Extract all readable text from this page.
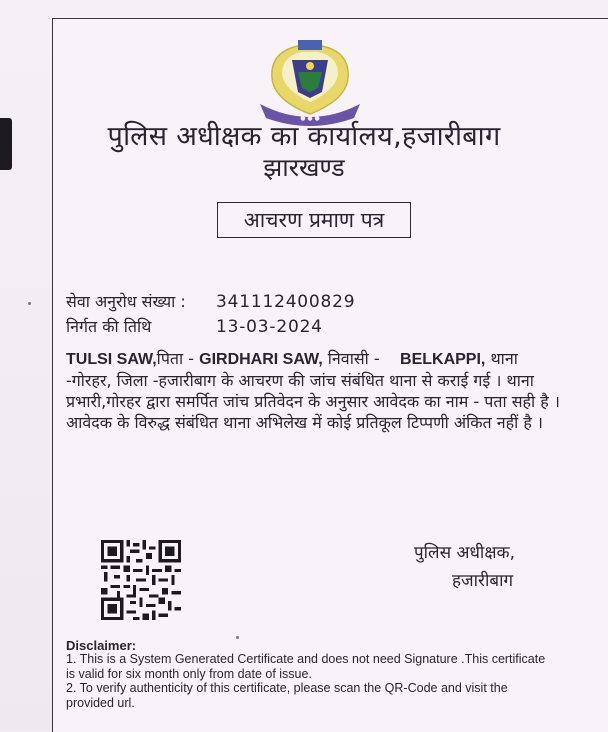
● ● ●
पुलिस अधीक्षक का कार्यालय,हजारीबाग
झारखण्ड
आचरण प्रमाण पत्र
सेवा अनुरोध संख्या : 341112400829
निर्गत की तिथि	13-03-2024
TULSI SAW,पिता - GIRDHARI SAW, निवासी - BELKAPPI, थाना -गोरहर, जिला -हजारीबाग के आचरण की जांच संबंधित थाना से कराई गई । थाना प्रभारी,गोरहर द्वारा समर्पित जांच प्रतिवेदन के अनुसार आवेदक का नाम - पता सही है । आवेदक के विरुद्ध संबंधित थाना अभिलेख में कोई प्रतिकूल टिप्पणी अंकित नहीं है ।
पुलिस अधीक्षक,
हजारीबाग
Disclaimer:

1. This is a System Generated Certificate and does not need Signature .This certificate is valid for six month only from date of issue.

2. To verify authenticity of this certificate, please scan the QR-Code and visit the provided url.
